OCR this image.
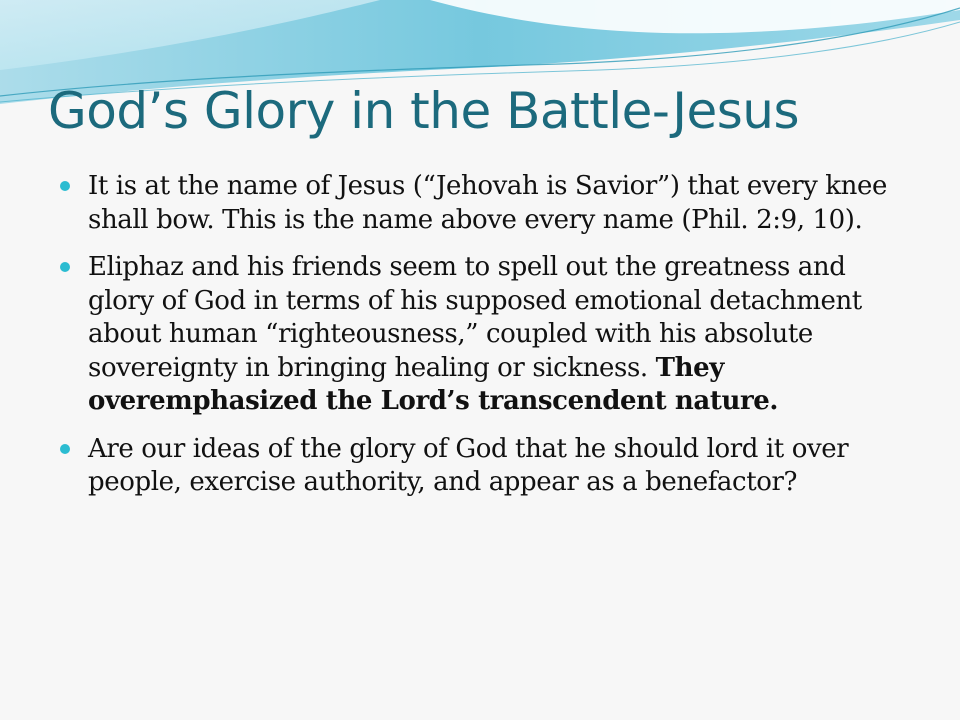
God’s Glory in the Battle-Jesus
It is at the name of Jesus (“Jehovah is Savior”) that every knee shall bow. This is the name above every name (Phil. 2:9, 10).
Eliphaz and his friends seem to spell out the greatness and glory of God in terms of his supposed emotional detachment about human “righteousness,” coupled with his absolute sovereignty in bringing healing or sickness. They overemphasized the Lord’s transcendent nature.
Are our ideas of the glory of God that he should lord it over people, exercise authority, and appear as a benefactor?
